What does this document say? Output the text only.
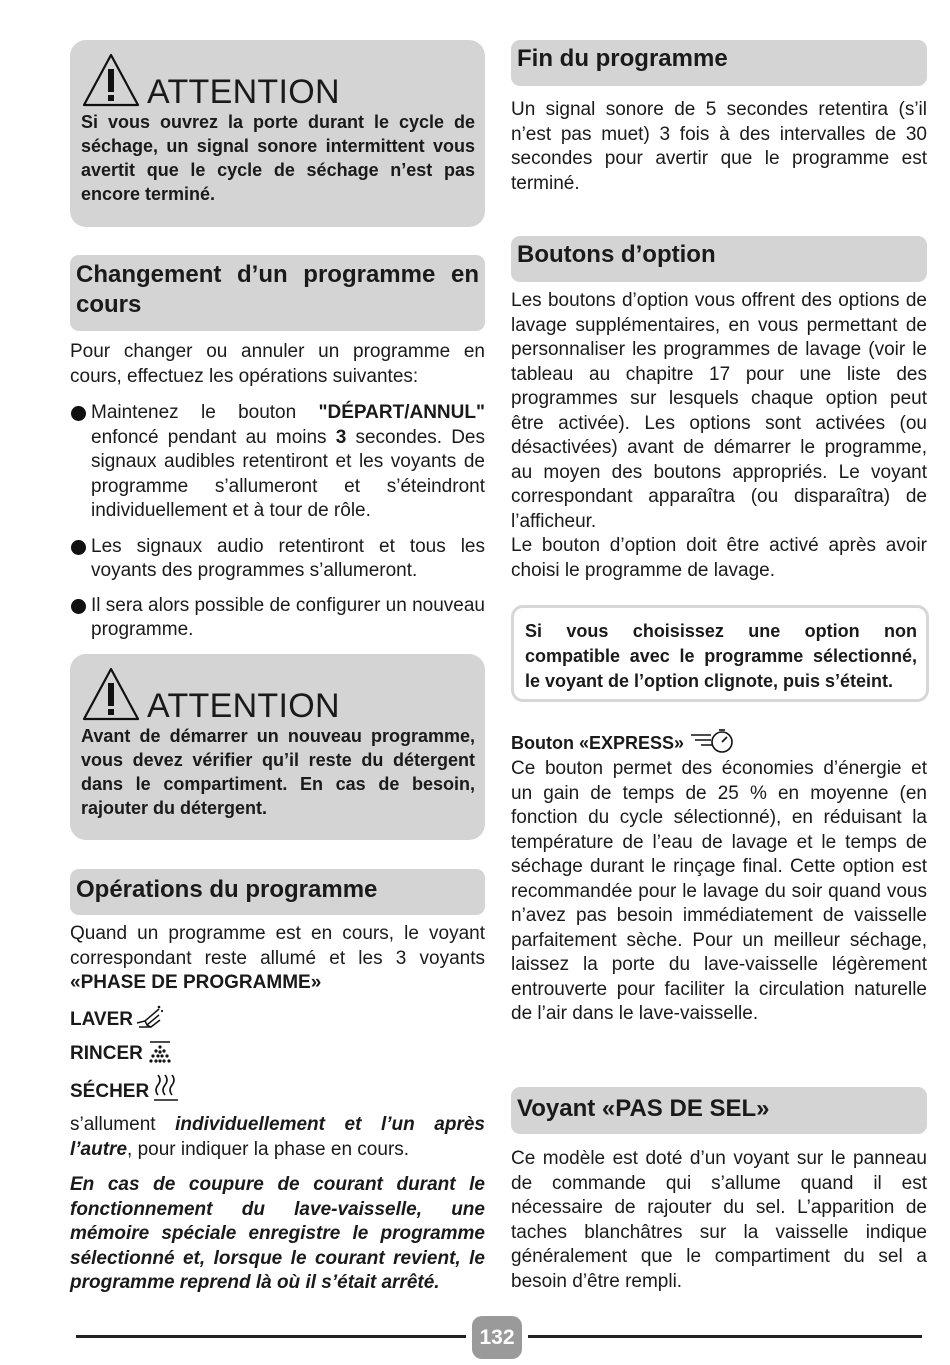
ATTENTION

Si vous ouvrez la porte durant le cycle de séchage, un signal sonore intermittent vous avertit que le cycle de séchage n’est pas encore terminé.

Changement d’un programme en cours

Pour changer ou annuler un programme en cours, effectuez les opérations suivantes:

Maintenez le bouton "DÉPART/ANNUL" enfoncé pendant au moins 3 secondes. Des signaux audibles retentiront et les voyants de programme s’allumeront et s’éteindront individuellement et à tour de rôle.
Les signaux audio retentiront et tous les voyants des programmes s’allumeront.
Il sera alors possible de configurer un nouveau programme.
ATTENTION

Avant de démarrer un nouveau programme, vous devez vérifier qu’il reste du détergent dans le compartiment. En cas de besoin, rajouter du détergent.

Opérations du programme

Quand un programme est en cours, le voyant correspondant reste allumé et les 3 voyants «PHASE DE PROGRAMME»

LAVER
RINCER
SÉCHER

s’allument individuellement et l’un après l’autre, pour indiquer la phase en cours.

En cas de coupure de courant durant le fonctionnement du lave-vaisselle, une mémoire spéciale enregistre le programme sélectionné et, lorsque le courant revient, le programme reprend là où il s’était arrêté.

Fin du programme

Un signal sonore de 5 secondes retentira (s’il n’est pas muet) 3 fois à des intervalles de 30 secondes pour avertir que le programme est terminé.

Boutons d’option

Les boutons d’option vous offrent des options de lavage supplémentaires, en vous permettant de personnaliser les programmes de lavage (voir le tableau au chapitre 17 pour une liste des programmes sur lesquels chaque option peut être activée). Les options sont activées (ou désactivées) avant de démarrer le programme, au moyen des boutons appropriés. Le voyant correspondant apparaîtra (ou disparaîtra) de l’afficheur.

Le bouton d’option doit être activé après avoir choisi le programme de lavage.

Si vous choisissez une option non compatible avec le programme sélectionné, le voyant de l’option clignote, puis s’éteint.

Bouton «EXPRESS»

Ce bouton permet des économies d’énergie et un gain de temps de 25 % en moyenne (en fonction du cycle sélectionné), en réduisant la température de l’eau de lavage et le temps de séchage durant le rinçage final. Cette option est recommandée pour le lavage du soir quand vous n’avez pas besoin immédiatement de vaisselle parfaitement sèche. Pour un meilleur séchage, laissez la porte du lave-vaisselle légèrement entrouverte pour faciliter la circulation naturelle de l’air dans le lave-vaisselle.

Voyant «PAS DE SEL»

Ce modèle est doté d’un voyant sur le panneau de commande qui s’allume quand il est nécessaire de rajouter du sel. L’apparition de taches blanchâtres sur la vaisselle indique généralement que le compartiment du sel a besoin d’être rempli.

132
